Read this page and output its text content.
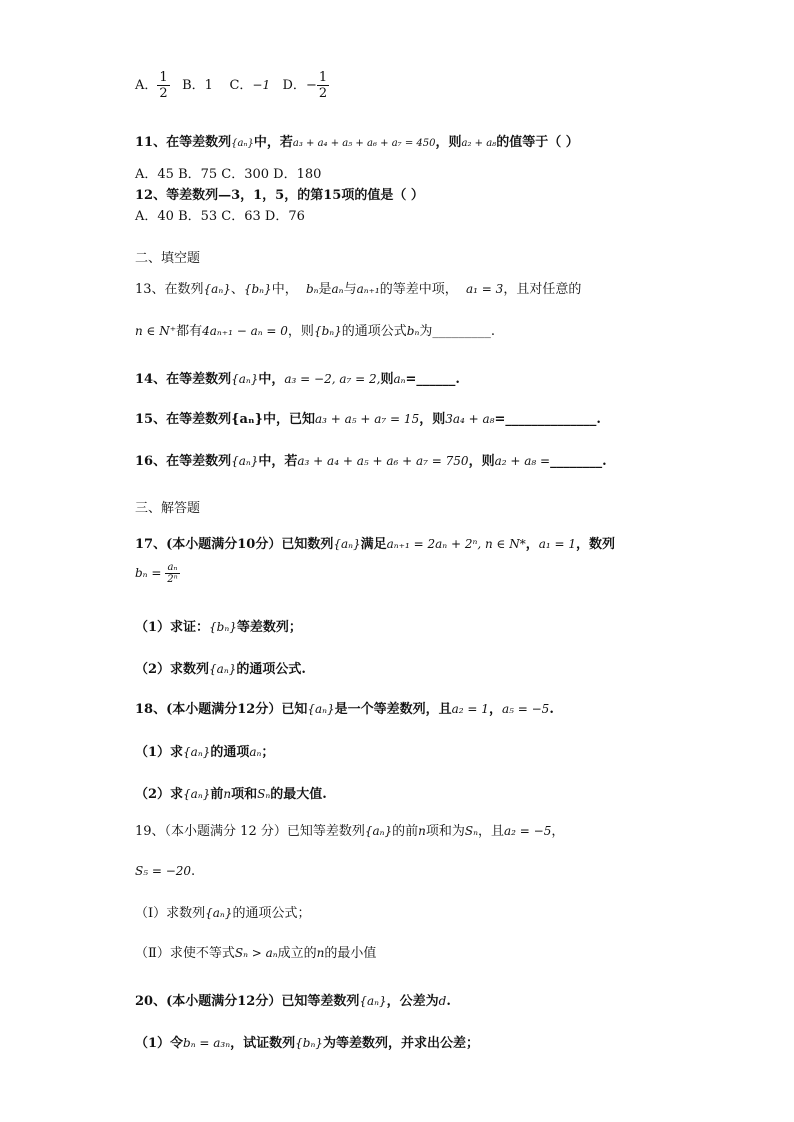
A． $\frac{1}{2}$ B．1 C．−1 D．− $\frac{1}{2}$
11、在等差数列{aₙ}中，若a₃ + a₄ + a₅ + a₆ + a₇ = 450，则a₂ + a₈的值等于（ ）
A．45 B．75 C．300 D．180
12、等差数列—3，1，5，的第15项的值是（ ）
A．40 B．53 C．63 D．76
二、填空题
13、在数列{aₙ}、{bₙ}中， bₙ是aₙ与aₙ₊₁的等差中项， a₁ = 3，且对任意的
n ∈ N⁺都有4aₙ₊₁ − aₙ = 0，则{bₙ}的通项公式bₙ为_________.
14、在等差数列{aₙ}中，a₃ = −2, a₇ = 2,则aₙ=______.
15、在等差数列{aₙ}中，已知a₃ + a₅ + a₇ = 15，则3a₄ + a₈=______________.
16、在等差数列{aₙ}中，若a₃ + a₄ + a₅ + a₆ + a₇ = 750，则a₂ + a₈ =________.
三、解答题
17、(本小题满分10分）已知数列{aₙ}满足aₙ₊₁ = 2aₙ + 2ⁿ, n ∈ N*，a₁ = 1，数列
$b_n = \frac{\text{aₙ}}{\text{2ⁿ}}$
（1）求证：{bₙ}等差数列；
（2）求数列{aₙ}的通项公式.
18、(本小题满分12分）已知{aₙ}是一个等差数列，且a₂ = 1，a₅ = −5.
（1）求{aₙ}的通项aₙ；
（2）求{aₙ}前n项和Sₙ的最大值.
19、（本小题满分 12 分）已知等差数列{aₙ}的前n项和为Sₙ，且a₂ = −5，
S₅ = −20.
（Ⅰ）求数列{aₙ}的通项公式；
（Ⅱ）求使不等式Sₙ > aₙ成立的n的最小值
20、(本小题满分12分）已知等差数列{aₙ}，公差为d.
（1）令bₙ = a₃ₙ，试证数列{bₙ}为等差数列，并求出公差；
